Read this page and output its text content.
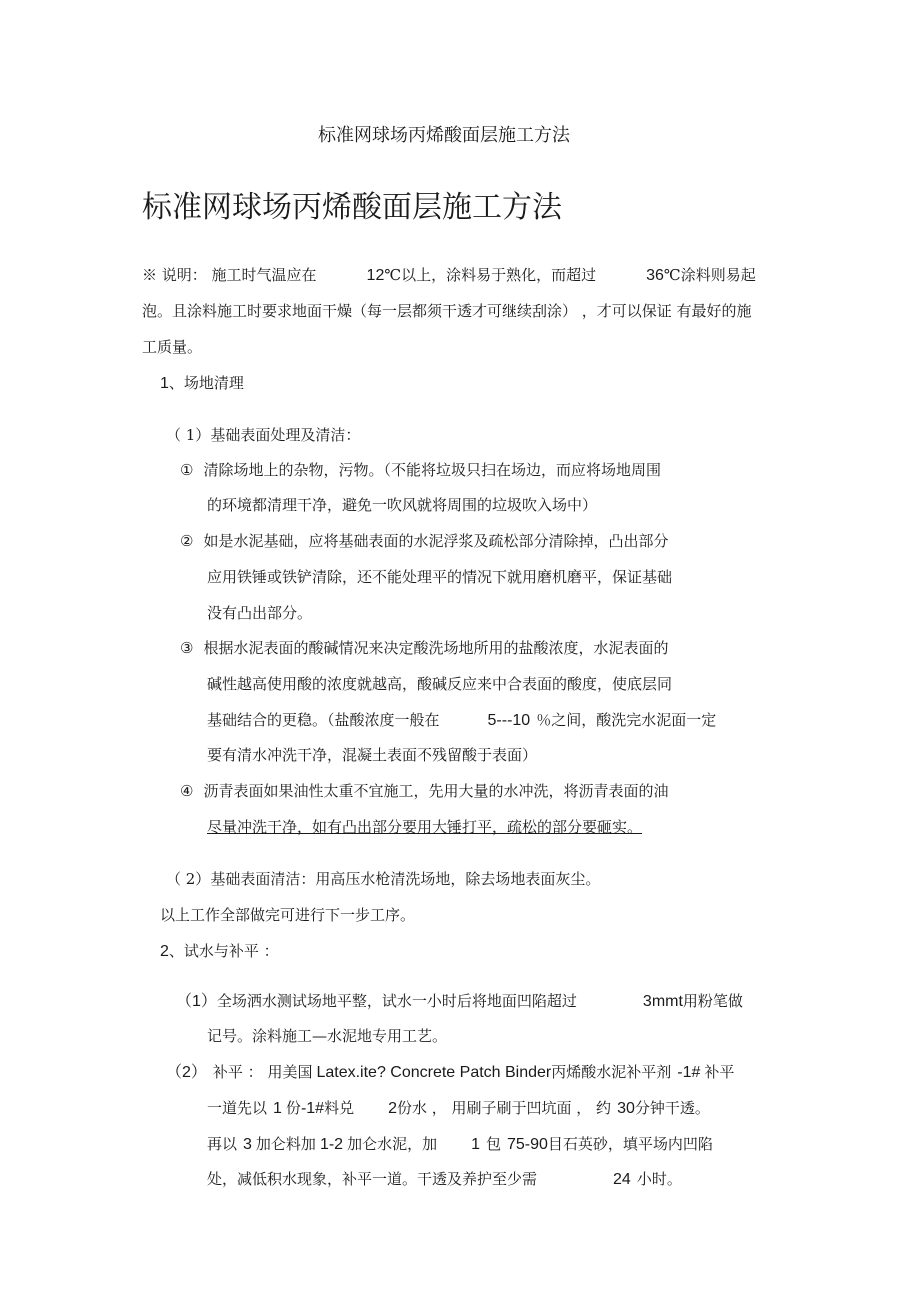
标准网球场丙烯酸面层施工方法
标准网球场丙烯酸面层施工方法
※ 说明： 施工时气温应在	12℃以上，涂料易于熟化，而超过	36℃涂料则易起
泡。且涂料施工时要求地面干燥（每一层都须干透才可继续刮涂） ，才可以保证 有最好的施
工质量。
1、场地清理
（ 1）基础表面处理及清洁：
① 清除场地上的杂物，污物。（不能将垃圾只扫在场边，而应将场地周围
的环境都清理干净，避免一吹风就将周围的垃圾吹入场中）
② 如是水泥基础，应将基础表面的水泥浮浆及疏松部分清除掉，凸出部分
应用铁锤或铁铲清除，还不能处理平的情况下就用磨机磨平，保证基础
没有凸出部分。
③ 根据水泥表面的酸碱情况来决定酸洗场地所用的盐酸浓度，水泥表面的
碱性越高使用酸的浓度就越高，酸碱反应来中合表面的酸度，使底层同
基础结合的更稳。（盐酸浓度一般在	5---10 ％之间，酸洗完水泥面一定
要有清水冲洗干净，混凝土表面不残留酸于表面）
④ 沥青表面如果油性太重不宜施工，先用大量的水冲洗，将沥青表面的油
尽量冲洗干净，如有凸出部分要用大锤打平，疏松的部分要砸实。
（ 2）基础表面清洁：用高压水枪清洗场地，除去场地表面灰尘。
以上工作全部做完可进行下一步工序。
2、试水与补平 ：
（1）全场洒水测试场地平整，试水一小时后将地面凹陷超过	3mmt用粉笔做
记号。涂料施工—水泥地专用工艺。
（2） 补平 ： 用美国 Latex.ite? Concrete Patch Binder丙烯酸水泥补平剂 -1# 补平
一道先以 1 份-1#料兑 2份水 ， 用刷子刷于凹坑面 ， 约 30分钟干透。
再以 3 加仑料加 1-2 加仑水泥，加 1 包 75-90目石英砂，填平场内凹陷
处，减低积水现象，补平一道。干透及养护至少需	24 小时。
